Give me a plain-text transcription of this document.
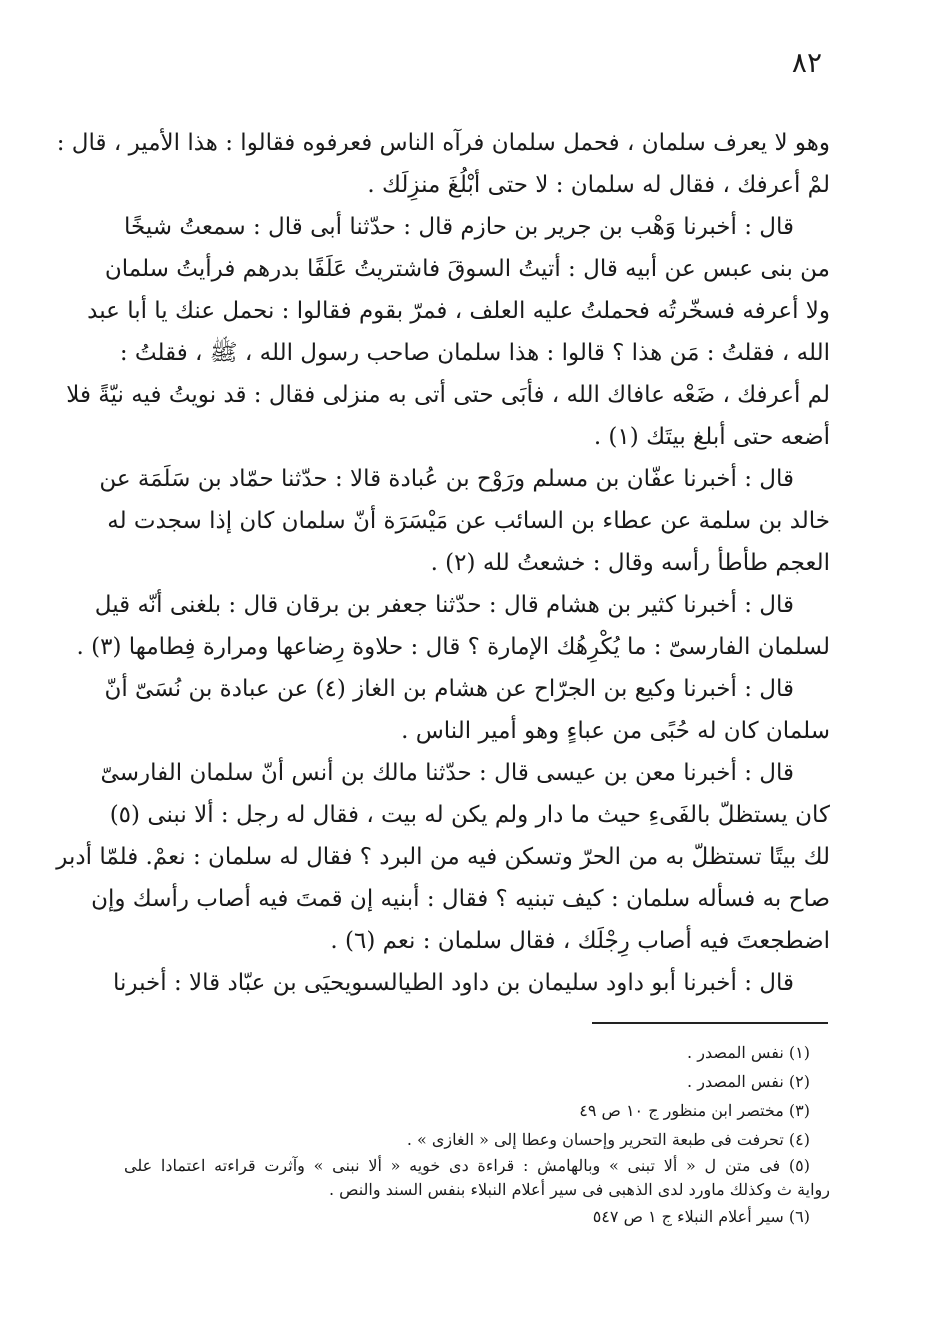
٨٢
وهو لا يعرف سلمان ، فحمل سلمان فرآه الناس فعرفوه فقالوا : هذا الأمير ، قال :
لمْ أعرفك ، فقال له سلمان : لا حتى أبْلُغَ منزِلَك .
قال : أخبرنا وَهْب بن جرير بن حازم قال : حدّثنا أبى قال : سمعتُ شيخًا
من بنى عبس عن أبيه قال : أتيتُ السوقَ فاشتريتُ عَلَفًا بدرهم فرأيتُ سلمان
ولا أعرفه فسخّرتُه فحملتُ عليه العلف ، فمرّ بقوم فقالوا : نحمل عنك يا أبا عبد
الله ، فقلتُ : مَن هذا ؟ قالوا : هذا سلمان صاحب رسول الله ، ﷺ ، فقلتُ :
لم أعرفك ، ضَعْه عافاك الله ، فأبَى حتى أتى به منزلى فقال : قد نويتُ فيه نيّةً فلا
أضعه حتى أبلغ بيتَك (١) .
قال : أخبرنا عفّان بن مسلم ورَوْح بن عُبادة قالا : حدّثنا حمّاد بن سَلَمَة عن
خالد بن سلمة عن عطاء بن السائب عن مَيْسَرَة أنّ سلمان كان إذا سجدت له
العجم طأطأ رأسه وقال : خشعتُ لله (٢) .
قال : أخبرنا كثير بن هشام قال : حدّثنا جعفر بن برقان قال : بلغنى أنّه قيل
لسلمان الفارسىّ : ما يُكْرِهُك الإمارة ؟ قال : حلاوة رِضاعها ومرارة فِطامها (٣) .
قال : أخبرنا وكيع بن الجرّاح عن هشام بن الغاز (٤) عن عبادة بن نُسَىّ أنّ
سلمان كان له حُبًى من عباءٍ وهو أمير الناس .
قال : أخبرنا معن بن عيسى قال : حدّثنا مالك بن أنس أنّ سلمان الفارسىّ
كان يستظلّ بالفَىءِ حيث ما دار ولم يكن له بيت ، فقال له رجل : ألا نبنى (٥)
لك بيتًا تستظلّ به من الحرّ وتسكن فيه من البرد ؟ فقال له سلمان : نعمْ. فلمّا أدبر
صاح به فسأله سلمان : كيف تبنيه ؟ فقال : أبنيه إن قمتَ فيه أصاب رأسك وإن
اضطجعتَ فيه أصاب رِجْلَك ، فقال سلمان : نعم (٦) .
قال : أخبرنا أبو داود سليمان بن داود الطيالسىويحيَى بن عبّاد قالا : أخبرنا
(١) نفس المصدر .
(٢) نفس المصدر .
(٣) مختصر ابن منظور ج ١٠ ص ٤٩
(٤) تحرفت فى طبعة التحرير وإحسان وعطا إلى « الغازى » .
(٥) فى متن ل « ألا تبنى » وبالهامش : قراءة دى خويه « ألا نبنى » وآثرت قراءته اعتمادا على
رواية ث وكذلك ماورد لدى الذهبى فى سير أعلام النبلاء بنفس السند والنص .
(٦) سير أعلام النبلاء ج ١ ص ٥٤٧
